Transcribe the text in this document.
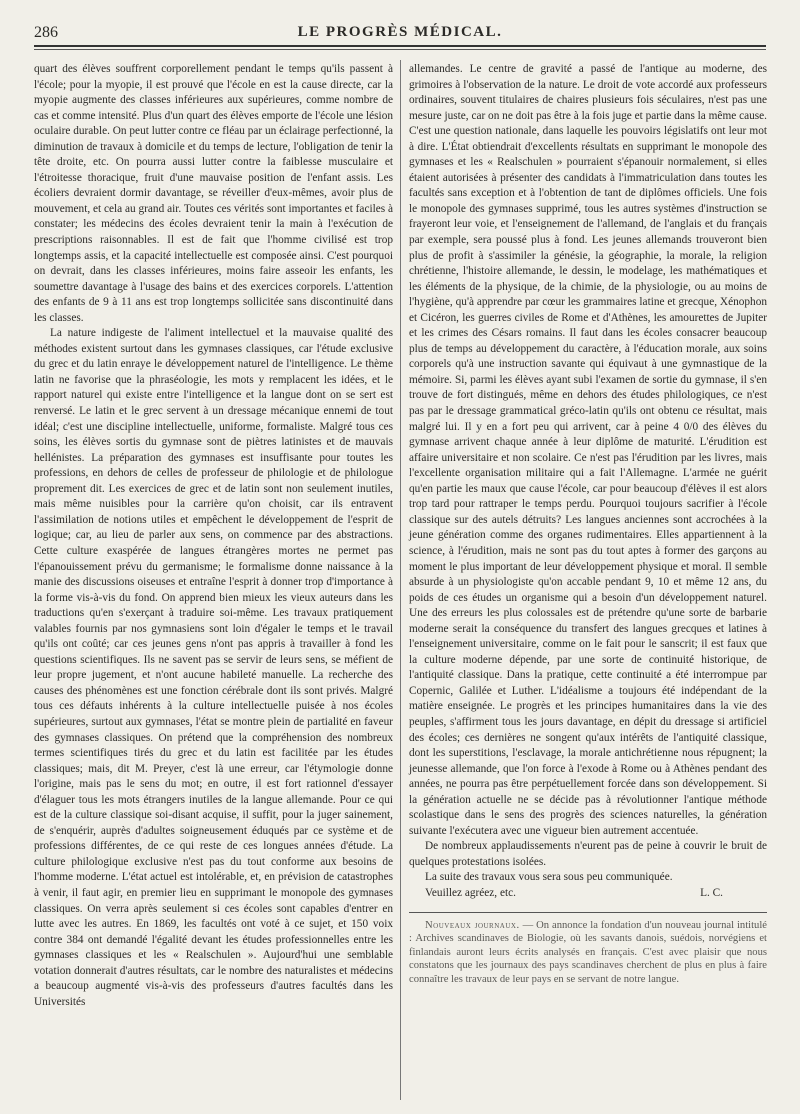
286	LE PROGRÈS MÉDICAL.

quart des élèves souffrent corporellement pendant le temps qu'ils passent à l'école; pour la myopie, il est prouvé que l'école en est la cause directe, car la myopie augmente des classes inférieures aux supérieures, comme nombre de cas et comme intensité. Plus d'un quart des élèves emporte de l'école une lésion oculaire durable. On peut lutter contre ce fléau par un éclairage perfectionné, la diminution de travaux à domicile et du temps de lecture, l'obligation de tenir la tête droite, etc. On pourra aussi lutter contre la faiblesse musculaire et l'étroitesse thoracique, fruit d'une mauvaise position de l'enfant assis. Les écoliers devraient dormir davantage, se réveiller d'eux-mêmes, avoir plus de mouvement, et cela au grand air. Toutes ces vérités sont importantes et faciles à constater; les médecins des écoles devraient tenir la main à l'exécution de prescriptions raisonnables. Il est de fait que l'homme civilisé est trop longtemps assis, et la capacité intellectuelle est composée ainsi. C'est pourquoi on devrait, dans les classes inférieures, moins faire asseoir les enfants, les soumettre davantage à l'usage des bains et des exercices corporels. L'attention des enfants de 9 à 11 ans est trop longtemps sollicitée sans discontinuité dans les classes.

La nature indigeste de l'aliment intellectuel et la mauvaise qualité des méthodes existent surtout dans les gymnases classiques, car l'étude exclusive du grec et du latin enraye le développement naturel de l'intelligence. Le thème latin ne favorise que la phraséologie, les mots y remplacent les idées, et le rapport naturel qui existe entre l'intelligence et la langue dont on se sert est renversé. Le latin et le grec servent à un dressage mécanique ennemi de tout idéal; c'est une discipline intellectuelle, uniforme, formaliste. Malgré tous ces soins, les élèves sortis du gymnase sont de piètres latinistes et de mauvais hellénistes. La préparation des gymnases est insuffisante pour toutes les professions, en dehors de celles de professeur de philologie et de philologue proprement dit. Les exercices de grec et de latin sont non seulement inutiles, mais même nuisibles pour la carrière qu'on choisit, car ils entravent l'assimilation de notions utiles et empêchent le développement de l'esprit de logique; car, au lieu de parler aux sens, on commence par des abstractions. Cette culture exaspérée de langues étrangères mortes ne permet pas l'épanouissement prévu du germanisme; le formalisme donne naissance à la manie des discussions oiseuses et entraîne l'esprit à donner trop d'importance à la forme vis-à-vis du fond. On apprend bien mieux les vieux auteurs dans les traductions qu'en s'exerçant à traduire soi-même. Les travaux pratiquement valables fournis par nos gymnasiens sont loin d'égaler le temps et le travail qu'ils ont coûté; car ces jeunes gens n'ont pas appris à travailler à fond les questions scientifiques. Ils ne savent pas se servir de leurs sens, se méfient de leur propre jugement, et n'ont aucune habileté manuelle. La recherche des causes des phénomènes est une fonction cérébrale dont ils sont privés. Malgré tous ces défauts inhérents à la culture intellectuelle puisée à nos écoles supérieures, surtout aux gymnases, l'état se montre plein de partialité en faveur des gymnases classiques. On prétend que la compréhension des nombreux termes scientifiques tirés du grec et du latin est facilitée par les études classiques; mais, dit M. Preyer, c'est là une erreur, car l'étymologie donne l'origine, mais pas le sens du mot; en outre, il est fort rationnel d'essayer d'élaguer tous les mots étrangers inutiles de la langue allemande. Pour ce qui est de la culture classique soi-disant acquise, il suffit, pour la juger sainement, de s'enquérir, auprès d'adultes soigneusement éduqués par ce système et de professions différentes, de ce qui reste de ces longues années d'étude. La culture philologique exclusive n'est pas du tout conforme aux besoins de l'homme moderne. L'état actuel est intolérable, et, en prévision de catastrophes à venir, il faut agir, en premier lieu en supprimant le monopole des gymnases classiques. On verra après seulement si ces écoles sont capables d'entrer en lutte avec les autres. En 1869, les facultés ont voté à ce sujet, et 150 voix contre 384 ont demandé l'égalité devant les études professionnelles entre les gymnases classiques et les « Realschulen ». Aujourd'hui une semblable votation donnerait d'autres résultats, car le nombre des naturalistes et médecins a beaucoup augmenté vis-à-vis des professeurs d'autres facultés dans les Universités

allemandes. Le centre de gravité a passé de l'antique au moderne, des grimoires à l'observation de la nature. Le droit de vote accordé aux professeurs ordinaires, souvent titulaires de chaires plusieurs fois séculaires, n'est pas une mesure juste, car on ne doit pas être à la fois juge et partie dans la même cause. C'est une question nationale, dans laquelle les pouvoirs législatifs ont leur mot à dire. L'État obtiendrait d'excellents résultats en supprimant le monopole des gymnases et les « Realschulen » pourraient s'épanouir normalement, si elles étaient autorisées à présenter des candidats à l'immatriculation dans toutes les facultés sans exception et à l'obtention de tant de diplômes officiels. Une fois le monopole des gymnases supprimé, tous les autres systèmes d'instruction se frayeront leur voie, et l'enseignement de l'allemand, de l'anglais et du français par exemple, sera poussé plus à fond. Les jeunes allemands trouveront bien plus de profit à s'assimiler la génésie, la géographie, la morale, la religion chrétienne, l'histoire allemande, le dessin, le modelage, les mathématiques et les éléments de la physique, de la chimie, de la physiologie, ou au moins de l'hygiène, qu'à apprendre par cœur les grammaires latine et grecque, Xénophon et Cicéron, les guerres civiles de Rome et d'Athènes, les amourettes de Jupiter et les crimes des Césars romains. Il faut dans les écoles consacrer beaucoup plus de temps au développement du caractère, à l'éducation morale, aux soins corporels qu'à une instruction savante qui équivaut à une gymnastique de la mémoire. Si, parmi les élèves ayant subi l'examen de sortie du gymnase, il s'en trouve de fort distingués, même en dehors des études philologiques, ce n'est pas par le dressage grammatical gréco-latin qu'ils ont obtenu ce résultat, mais malgré lui. Il y en a fort peu qui arrivent, car à peine 4 0/0 des élèves du gymnase arrivent chaque année à leur diplôme de maturité. L'érudition est affaire universitaire et non scolaire. Ce n'est pas l'érudition par les livres, mais l'excellente organisation militaire qui a fait l'Allemagne. L'armée ne guérit qu'en partie les maux que cause l'école, car pour beaucoup d'élèves il est alors trop tard pour rattraper le temps perdu. Pourquoi toujours sacrifier à l'école classique sur des autels détruits? Les langues anciennes sont accrochées à la jeune génération comme des organes rudimentaires. Elles appartiennent à la science, à l'érudition, mais ne sont pas du tout aptes à former des garçons au moment le plus important de leur développement physique et moral. Il semble absurde à un physiologiste qu'on accable pendant 9, 10 et même 12 ans, du poids de ces études un organisme qui a besoin d'un développement naturel. Une des erreurs les plus colossales est de prétendre qu'une sorte de barbarie moderne serait la conséquence du transfert des langues grecques et latines à l'enseignement universitaire, comme on le fait pour le sanscrit; il est faux que la culture moderne dépende, par une sorte de continuité historique, de l'antiquité classique. Dans la pratique, cette continuité a été interrompue par Copernic, Galilée et Luther. L'idéalisme a toujours été indépendant de la matière enseignée. Le progrès et les principes humanitaires dans la vie des peuples, s'affirment tous les jours davantage, en dépit du dressage si artificiel des écoles; ces dernières ne songent qu'aux intérêts de l'antiquité classique, dont les superstitions, l'esclavage, la morale antichrétienne nous répugnent; la jeunesse allemande, que l'on force à l'exode à Rome ou à Athènes pendant des années, ne pourra pas être perpétuellement forcée dans son développement. Si la génération actuelle ne se décide pas à révolutionner l'antique méthode scolastique dans le sens des progrès des sciences naturelles, la génération suivante l'exécutera avec une vigueur bien autrement accentuée.

De nombreux applaudissements n'eurent pas de peine à couvrir le bruit de quelques protestations isolées.

La suite des travaux vous sera sous peu communiquée.

Veuillez agréez, etc.	L. C.

Nouveaux journaux. — On annonce la fondation d'un nouveau journal intitulé : Archives scandinaves de Biologie, où les savants danois, suédois, norvégiens et finlandais auront leurs écrits analysés en français. C'est avec plaisir que nous constatons que les journaux des pays scandinaves cherchent de plus en plus à faire connaître les travaux de leur pays en se servant de notre langue.
